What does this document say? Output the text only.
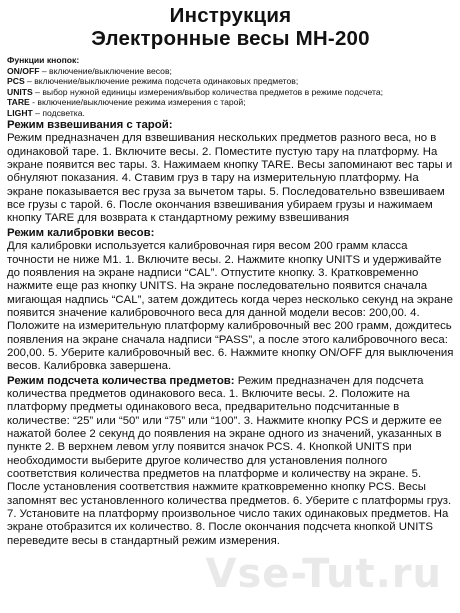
Инструкция
Электронные весы МН-200
Функции кнопок:
ON/OFF – включение/выключение весов;
PCS – включение/выключение режима подсчета одинаковых предметов;
UNITS – выбор нужной единицы измерения/выбор количества предметов в режиме подсчета;
TARE - включение/выключение режима измерения с тарой;
LIGHT – подсветка.
Режим взвешивания с тарой:
Режим предназначен для взвешивания нескольких предметов разного веса, но в одинаковой таре. 1. Включите весы. 2. Поместите пустую тару на платформу. На экране появится вес тары. 3. Нажимаем кнопку TARE. Весы запоминают вес тары и обнуляют показания. 4. Ставим груз в тару на измерительную платформу. На экране показывается вес груза за вычетом тары. 5. Последовательно взвешиваем все грузы с тарой. 6. После окончания взвешивания убираем грузы и нажимаем кнопку TARE для возврата к стандартному режиму взвешивания
Режим калибровки весов:
Для калибровки используется калибровочная гиря весом 200 грамм класса точности не ниже М1. 1. Включите весы. 2. Нажмите кнопку UNITS и удерживайте до появления на экране надписи “CAL”. Отпустите кнопку. 3. Кратковременно нажмите еще раз кнопку UNITS. На экране последовательно появится сначала мигающая надпись “CAL”, затем дождитесь когда через несколько секунд на экране появится значение калибровочного веса для данной модели весов: 200,00. 4. Положите на измерительную платформу калибровочный вес 200 грамм, дождитесь появления на экране сначала надписи “PASS”, а после этого калибровочного веса: 200,00. 5. Уберите калибровочный вес. 6. Нажмите кнопку ON/OFF для выключения весов. Калибровка завершена.
Режим подсчета количества предметов: Режим предназначен для подсчета количества предметов одинакового веса. 1. Включите весы. 2. Положите на платформу предметы одинакового веса, предварительно подсчитанные в количестве: “25” или “50” или “75” или “100”. 3. Нажмите кнопку PCS и держите ее нажатой более 2 секунд до появления на экране одного из значений, указанных в пункте 2. В верхнем левом углу появится значок PCS. 4. Кнопкой UNITS при необходимости выберите другое количество для установления полного соответствия количества предметов на платформе и количеству на экране. 5. После установления соответствия нажмите кратковременно кнопку PCS. Весы запомнят вес установленного количества предметов. 6. Уберите с платформы груз. 7. Установите на платформу произвольное число таких одинаковых предметов. На экране отобразится их количество. 8. После окончания подсчета кнопкой UNITS переведите весы в стандартный режим измерения.
Vse-Tut.ru
